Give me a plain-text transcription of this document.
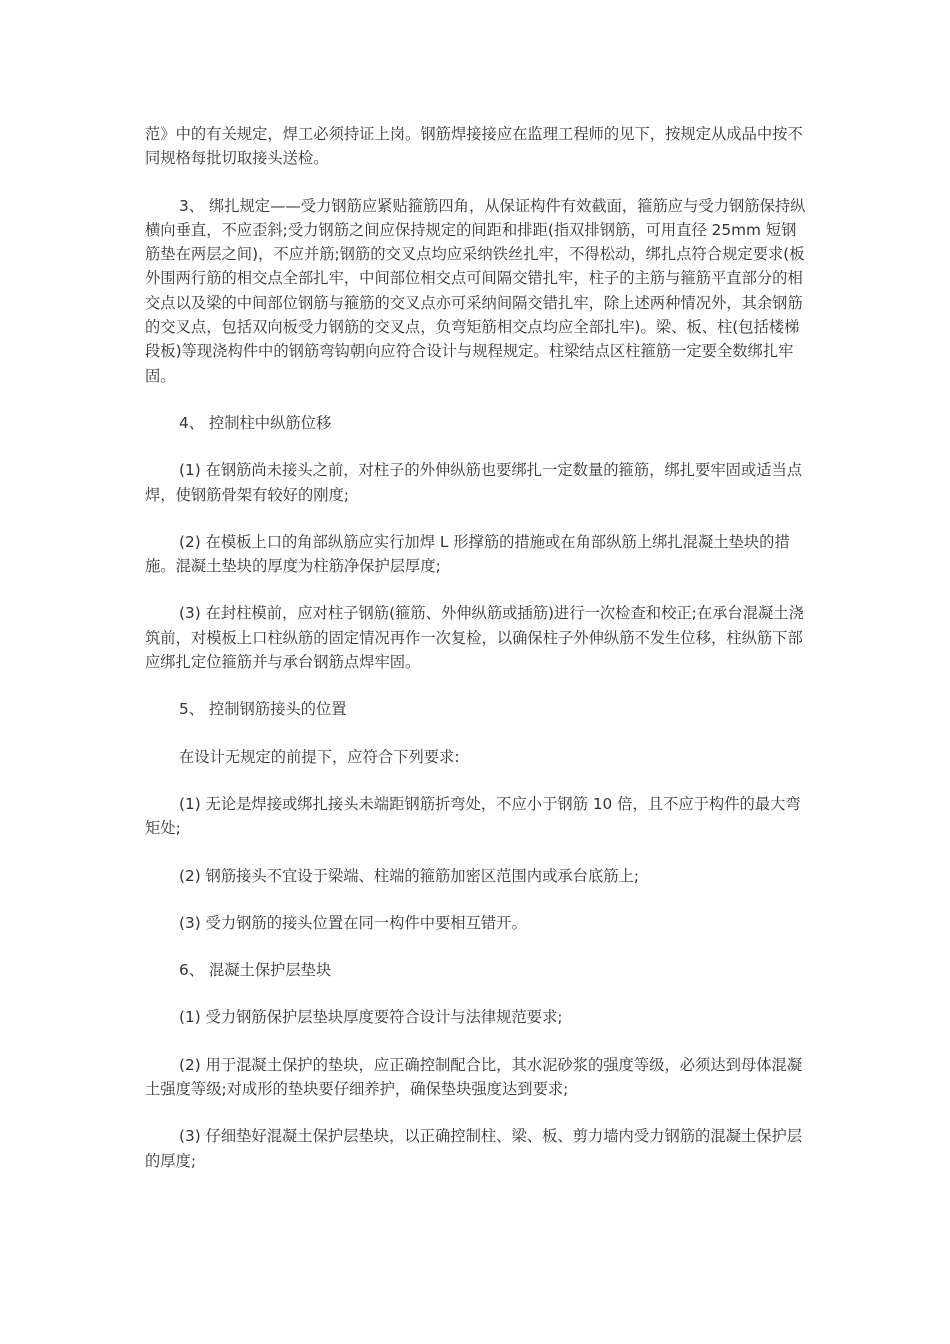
范》中的有关规定，焊工必须持证上岗。钢筋焊接接应在监理工程师的见下，按规定从成品中按不同规格每批切取接头送检。

3、 绑扎规定——受力钢筋应紧贴箍筋四角，从保证构件有效截面，箍筋应与受力钢筋保持纵横向垂直，不应歪斜;受力钢筋之间应保持规定的间距和排距(指双排钢筋，可用直径 25mm 短钢筋垫在两层之间)，不应并筋;钢筋的交叉点均应采纳铁丝扎牢，不得松动，绑扎点符合规定要求(板外围两行筋的相交点全部扎牢，中间部位相交点可间隔交错扎牢，柱子的主筋与箍筋平直部分的相交点以及梁的中间部位钢筋与箍筋的交叉点亦可采纳间隔交错扎牢，除上述两种情况外，其余钢筋的交叉点，包括双向板受力钢筋的交叉点，负弯矩筋相交点均应全部扎牢)。梁、板、柱(包括楼梯段板)等现浇构件中的钢筋弯钩朝向应符合设计与规程规定。柱梁结点区柱箍筋一定要全数绑扎牢固。

4、 控制柱中纵筋位移

(1) 在钢筋尚未接头之前，对柱子的外伸纵筋也要绑扎一定数量的箍筋，绑扎要牢固或适当点焊，使钢筋骨架有较好的刚度;

(2) 在模板上口的角部纵筋应实行加焊 L 形撑筋的措施或在角部纵筋上绑扎混凝土垫块的措施。混凝土垫块的厚度为柱筋净保护层厚度;

(3) 在封柱模前，应对柱子钢筋(箍筋、外伸纵筋或插筋)进行一次检查和校正;在承台混凝土浇筑前，对模板上口柱纵筋的固定情况再作一次复检，以确保柱子外伸纵筋不发生位移，柱纵筋下部应绑扎定位箍筋并与承台钢筋点焊牢固。

5、 控制钢筋接头的位置

在设计无规定的前提下，应符合下列要求:

(1) 无论是焊接或绑扎接头未端距钢筋折弯处，不应小于钢筋 10 倍，且不应于构件的最大弯矩处;

(2) 钢筋接头不宜设于梁端、柱端的箍筋加密区范围内或承台底筋上;

(3) 受力钢筋的接头位置在同一构件中要相互错开。

6、 混凝土保护层垫块

(1) 受力钢筋保护层垫块厚度要符合设计与法律规范要求;

(2) 用于混凝土保护的垫块，应正确控制配合比，其水泥砂浆的强度等级，必须达到母体混凝土强度等级;对成形的垫块要仔细养护，确保垫块强度达到要求;

(3) 仔细垫好混凝土保护层垫块，以正确控制柱、梁、板、剪力墙内受力钢筋的混凝土保护层的厚度;
